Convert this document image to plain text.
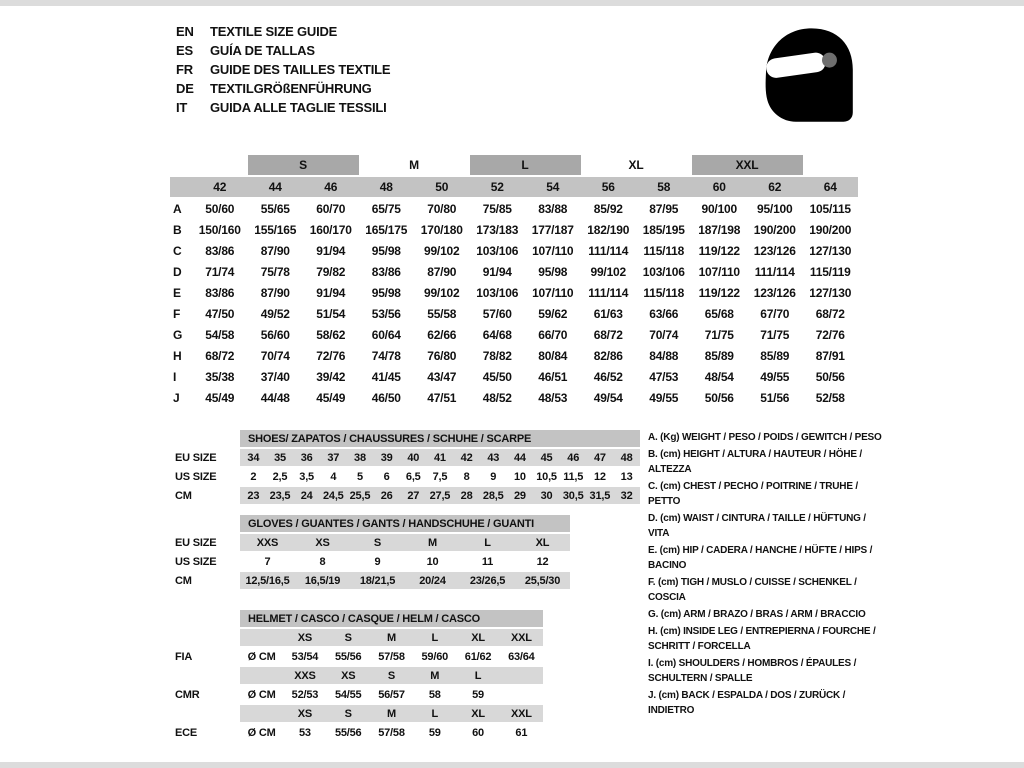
EN	TEXTILE SIZE GUIDE
ES	GUÍA DE TALLAS
FR	GUIDE DES TAILLES TEXTILE
DE	TEXTILGRÖßENFÜHRUNG
IT	GUIDA ALLE TAGLIE TESSILI
		S		M		L		XL		XXL		
	42	44	46	48	50	52	54	56	58	60	62	64
A	50/60	55/65	60/70	65/75	70/80	75/85	83/88	85/92	87/95	90/100	95/100	105/115
B	150/160	155/165	160/170	165/175	170/180	173/183	177/187	182/190	185/195	187/198	190/200	190/200
C	83/86	87/90	91/94	95/98	99/102	103/106	107/110	111/114	115/118	119/122	123/126	127/130
D	71/74	75/78	79/82	83/86	87/90	91/94	95/98	99/102	103/106	107/110	111/114	115/119
E	83/86	87/90	91/94	95/98	99/102	103/106	107/110	111/114	115/118	119/122	123/126	127/130
F	47/50	49/52	51/54	53/56	55/58	57/60	59/62	61/63	63/66	65/68	67/70	68/72
G	54/58	56/60	58/62	60/64	62/66	64/68	66/70	68/72	70/74	71/75	71/75	72/76
H	68/72	70/74	72/76	74/78	76/80	78/82	80/84	82/86	84/88	85/89	85/89	87/91
I	35/38	37/40	39/42	41/45	43/47	45/50	46/51	46/52	47/53	48/54	49/55	50/56
J	45/49	44/48	45/49	46/50	47/51	48/52	48/53	49/54	49/55	50/56	51/56	52/58
	SHOES/ ZAPATOS / CHAUSSURES / SCHUHE / SCARPE														
EU SIZE	34	35	36	37	38	39	40	41	42	43	44	45	46	47	48
US SIZE	2	2,5	3,5	4	5	6	6,5	7,5	8	9	10	10,5	11,5	12	13
CM	23	23,5	24	24,5	25,5	26	27	27,5	28	28,5	29	30	30,5	31,5	32
	GLOVES / GUANTES / GANTS / HANDSCHUHE / GUANTI					
EU SIZE	XXS	XS	S	M	L	XL
US SIZE	7	8	9	10	11	12
CM	12,5/16,5	16,5/19	18/21,5	20/24	23/26,5	25,5/30
	HELMET / CASCO / CASQUE / HELM / CASCO						
		XS	S	M	L	XL	XXL
FIA	Ø CM	53/54	55/56	57/58	59/60	61/62	63/64
		XXS	XS	S	M	L	
CMR	Ø CM	52/53	54/55	56/57	58	59	
		XS	S	M	L	XL	XXL
ECE	Ø CM	53	55/56	57/58	59	60	61
A. (Kg) WEIGHT / PESO / POIDS / GEWITCH / PESO
B. (cm) HEIGHT / ALTURA / HAUTEUR / HÖHE / ALTEZZA
C. (cm) CHEST / PECHO / POITRINE / TRUHE / PETTO
D. (cm) WAIST / CINTURA / TAILLE / HÜFTUNG / VITA
E. (cm) HIP / CADERA / HANCHE / HÜFTE / HIPS / BACINO
F. (cm) TIGH / MUSLO / CUISSE / SCHENKEL / COSCIA
G. (cm) ARM / BRAZO / BRAS / ARM / BRACCIO
H. (cm) INSIDE LEG / ENTREPIERNA / FOURCHE / SCHRITT / FORCELLA
I. (cm) SHOULDERS / HOMBROS / ÉPAULES / SCHULTERN / SPALLE
J. (cm) BACK / ESPALDA / DOS / ZURÜCK / INDIETRO
